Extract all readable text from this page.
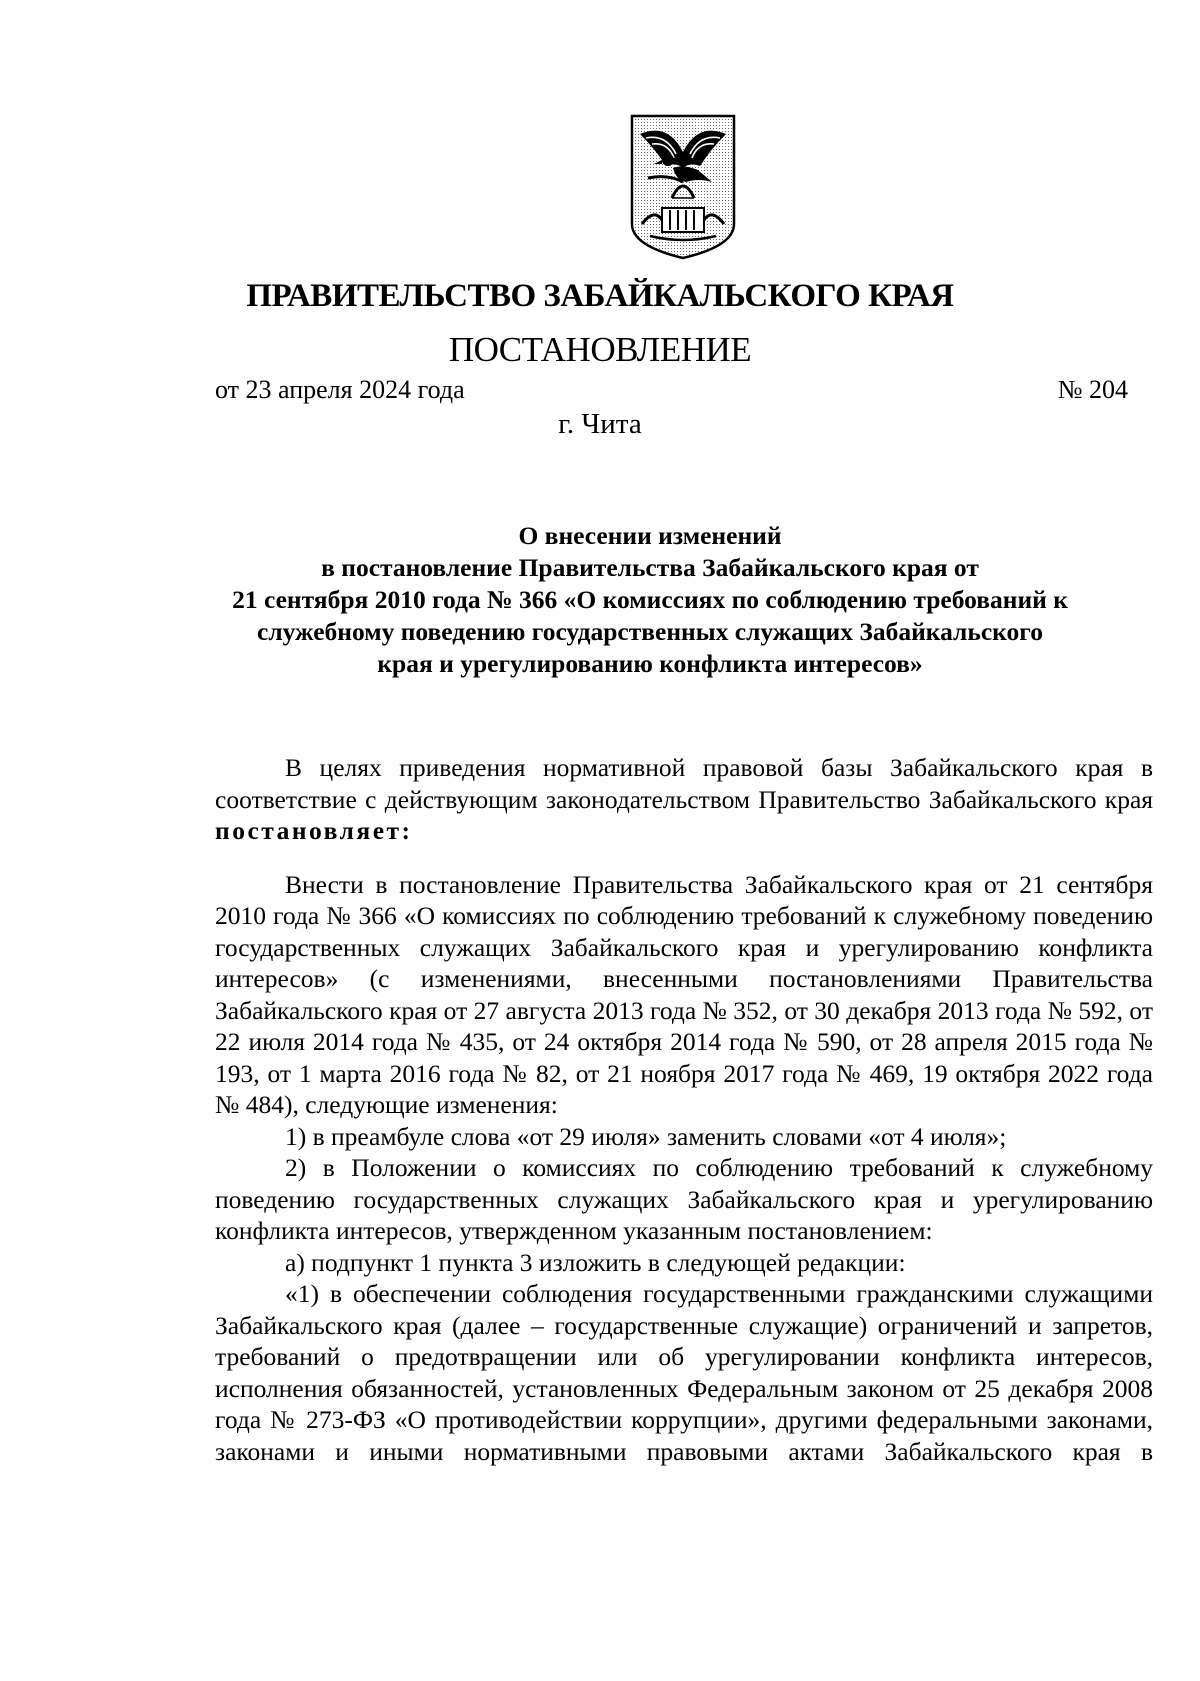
ПРАВИТЕЛЬСТВО ЗАБАЙКАЛЬСКОГО КРАЯ
ПОСТАНОВЛЕНИЕ
от 23 апреля 2024 года	№ 204
г. Чита
О внесении изменений
в постановление Правительства Забайкальского края от
21 сентября 2010 года № 366 «О комиссиях по соблюдению требований к
служебному поведению государственных служащих Забайкальского
края и урегулированию конфликта интересов»

В целях приведения нормативной правовой базы Забайкальского края в соответствие с действующим законодательством Правительство Забайкальского края постановляет:

Внести в постановление Правительства Забайкальского края от 21 сентября 2010 года № 366 «О комиссиях по соблюдению требований к служебному поведению государственных служащих Забайкальского края и урегулированию конфликта интересов» (с изменениями, внесенными постановлениями Правительства Забайкальского края от 27 августа 2013 года № 352, от 30 декабря 2013 года № 592, от 22 июля 2014 года № 435, от 24 октября 2014 года № 590, от 28 апреля 2015 года № 193, от 1 марта 2016 года № 82, от 21 ноября 2017 года № 469, 19 октября 2022 года № 484), следующие изменения:

1) в преамбуле слова «от 29 июля» заменить словами «от 4 июля»;

2) в Положении о комиссиях по соблюдению требований к служебному поведению государственных служащих Забайкальского края и урегулированию конфликта интересов, утвержденном указанным постановлением:

а) подпункт 1 пункта 3 изложить в следующей редакции:

«1) в обеспечении соблюдения государственными гражданскими служащими Забайкальского края (далее – государственные служащие) ограничений и запретов, требований о предотвращении или об урегулировании конфликта интересов, исполнения обязанностей, установленных Федеральным законом от 25 декабря 2008 года № 273-ФЗ «О противодействии коррупции», другими федеральными законами, законами и иными нормативными правовыми актами Забайкальского края в
